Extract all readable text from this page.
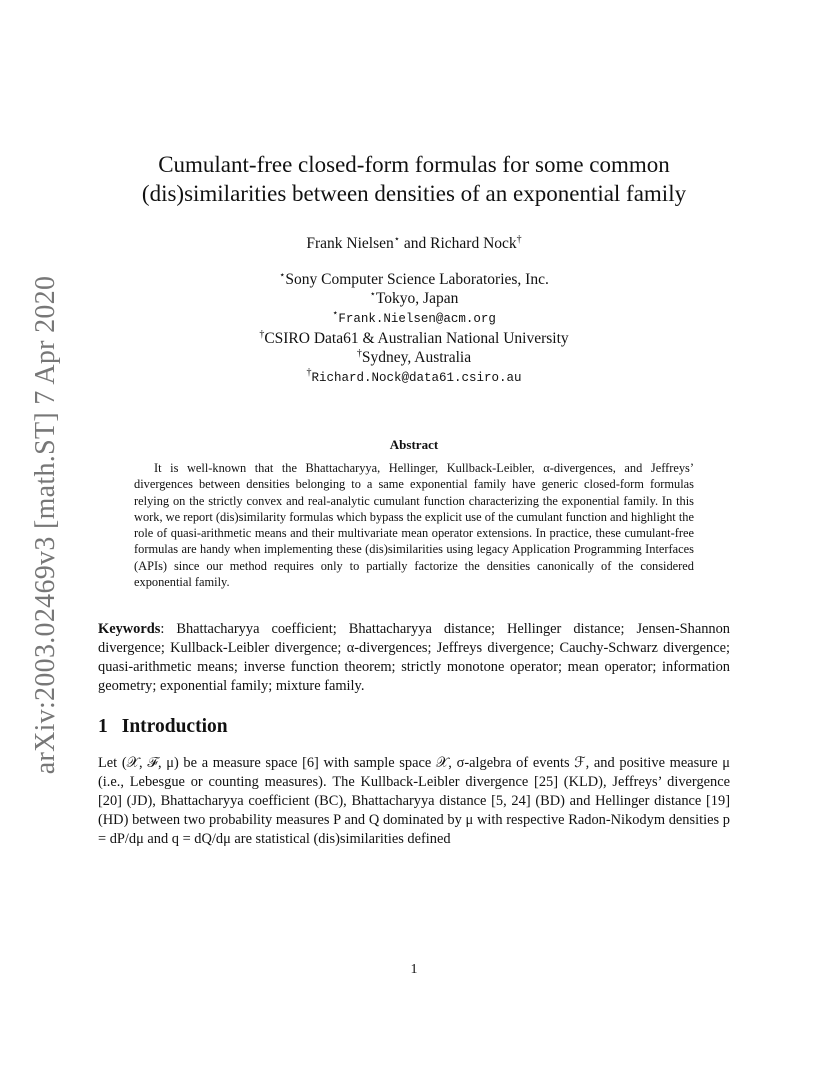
arXiv:2003.02469v3 [math.ST] 7 Apr 2020
Cumulant-free closed-form formulas for some common
(dis)similarities between densities of an exponential family
Frank Nielsen⋆ and Richard Nock†
⋆Sony Computer Science Laboratories, Inc.
⋆Tokyo, Japan
⋆Frank.Nielsen@acm.org
†CSIRO Data61 & Australian National University
†Sydney, Australia
†Richard.Nock@data61.csiro.au
Abstract

It is well-known that the Bhattacharyya, Hellinger, Kullback-Leibler, α-divergences, and Jeffreys’ divergences between densities belonging to a same exponential family have generic closed-form formulas relying on the strictly convex and real-analytic cumulant function characterizing the exponential family. In this work, we report (dis)similarity formulas which bypass the explicit use of the cumulant function and highlight the role of quasi-arithmetic means and their multivariate mean operator extensions. In practice, these cumulant-free formulas are handy when implementing these (dis)similarities using legacy Application Programming Interfaces (APIs) since our method requires only to partially factorize the densities canonically of the considered exponential family.

Keywords: Bhattacharyya coefficient; Bhattacharyya distance; Hellinger distance; Jensen-Shannon divergence; Kullback-Leibler divergence; α-divergences; Jeffreys divergence; Cauchy-Schwarz divergence; quasi-arithmetic means; inverse function theorem; strictly monotone operator; mean operator; information geometry; exponential family; mixture family.

1 Introduction

Let (𝒳, ℱ, μ) be a measure space [6] with sample space 𝒳, σ-algebra of events ℱ, and positive measure μ (i.e., Lebesgue or counting measures). The Kullback-Leibler divergence [25] (KLD), Jeffreys’ divergence [20] (JD), Bhattacharyya coefficient (BC), Bhattacharyya distance [5, 24] (BD) and Hellinger distance [19] (HD) between two probability measures P and Q dominated by μ with respective Radon-Nikodym densities p = dP/dμ and q = dQ/dμ are statistical (dis)similarities defined

1
